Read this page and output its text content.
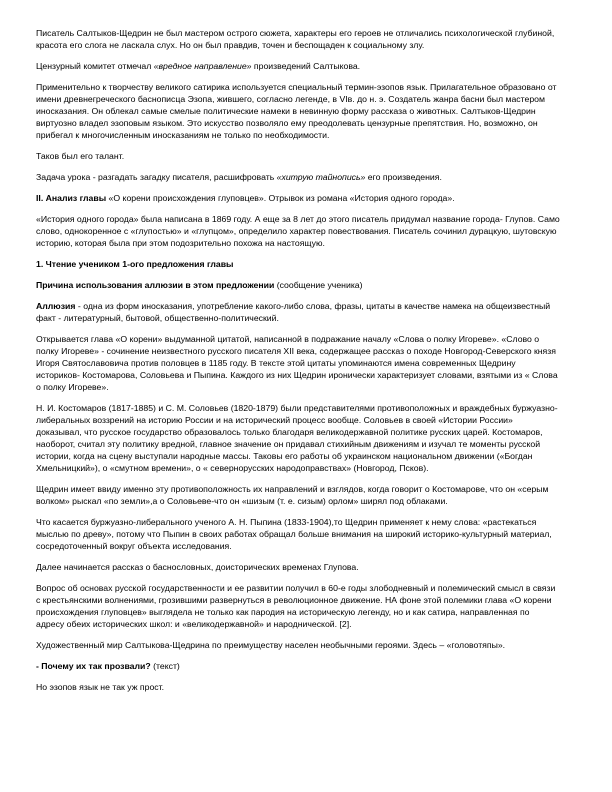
Писатель Салтыков-Щедрин не был мастером острого сюжета, характеры его героев не отличались психологической глубиной, красота его слога не ласкала слух. Но он был правдив, точен и беспощаден к социальному злу.

Цензурный комитет отмечал «вредное направление» произведений Салтыкова.

Применительно к творчеству великого сатирика используется специальный термин-эзопов язык. Прилагательное образовано от имени древнегреческого баснописца Эзопа, жившего, согласно легенде, в VIв. до н. э. Создатель жанра басни был мастером иносказания. Он облекал самые смелые политические намеки в невинную форму рассказа о животных. Салтыков-Щедрин виртуозно владел эзоповым языком. Это искусство позволяло ему преодолевать цензурные препятствия. Но, возможно, он прибегал к многочисленным иносказаниям не только по необходимости.

Таков был его талант.

Задача урока - разгадать загадку писателя, расшифровать «хитрую тайнопись» его произведения.

II. Анализ главы «О корени происхождения глуповцев». Отрывок из романа «История одного города».

«История одного города» была написана в 1869 году. А еще за 8 лет до этого писатель придумал название города- Глупов. Само слово, однокоренное с «глупостью» и «глупцом», определило характер повествования. Писатель сочинил дурацкую, шутовскую историю, которая была при этом подозрительно похожа на настоящую.

1. Чтение учеником 1-ого предложения главы

Причина использования аллюзии в этом предложении (сообщение ученика)

Аллюзия - одна из форм иносказания, употребление какого-либо слова, фразы, цитаты в качестве намека на общеизвестный факт - литературный, бытовой, общественно-политический.

Открывается глава «О корени» выдуманной цитатой, написанной в подражание началу «Слова о полку Игореве». «Слово о полку Игореве» - сочинение неизвестного русского писателя XII века, содержащее рассказ о походе Новгород-Северского князя Игоря Святославовича против половцев в 1185 году. В тексте этой цитаты упоминаются имена современных Щедрину историков- Костомарова, Соловьева и Пыпина. Каждого из них Щедрин иронически характеризует словами, взятыми из « Слова о полку Игореве».

Н. И. Костомаров (1817-1885) и С. М. Соловьев (1820-1879) были представителями противоположных и враждебных буржуазно-либеральных воззрений на историю России и на исторический процесс вообще. Соловьев в своей «Истории России» доказывал, что русское государство образовалось только благодаря великодержавной политике русских царей. Костомаров, наоборот, считал эту политику вредной, главное значение он придавал стихийным движениям и изучал те моменты русской истории, когда на сцену выступали народные массы. Таковы его работы об украинском национальном движении («Богдан Хмельницкий»), о «смутном времени», о « севернорусских народоправствах» (Новгород, Псков).

Щедрин имеет ввиду именно эту противоположность их направлений и взглядов, когда говорит о Костомарове, что он «серым волком» рыскал «по земли»,а о Соловьеве-что он «шизым (т. е. сизым) орлом» ширял под облаками.

Что касается буржуазно-либерального ученого А. Н. Пыпина (1833-1904),то Щедрин применяет к нему слова: «растекаться мыслью по древу», потому что Пыпин в своих работах обращал больше внимания на широкий историко-культурный материал, сосредоточенный вокруг объекта исследования.

Далее начинается рассказ о баснословных, доисторических временах Глупова.

Вопрос об основах русской государственности и ее развитии получил в 60-е годы злободневный и полемический смысл в связи с крестьянскими волнениями, грозившими развернуться в революционное движение. НА фоне этой полемики глава «О корени происхождения глуповцев» выглядела не только как пародия на историческую легенду, но и как сатира, направленная по адресу обеих исторических школ: и «великодержавной» и народнической. [2].

Художественный мир Салтыкова-Щедрина по преимуществу населен необычными героями. Здесь – «головотяпы».

- Почему их так прозвали? (текст)

Но эзопов язык не так уж прост.
